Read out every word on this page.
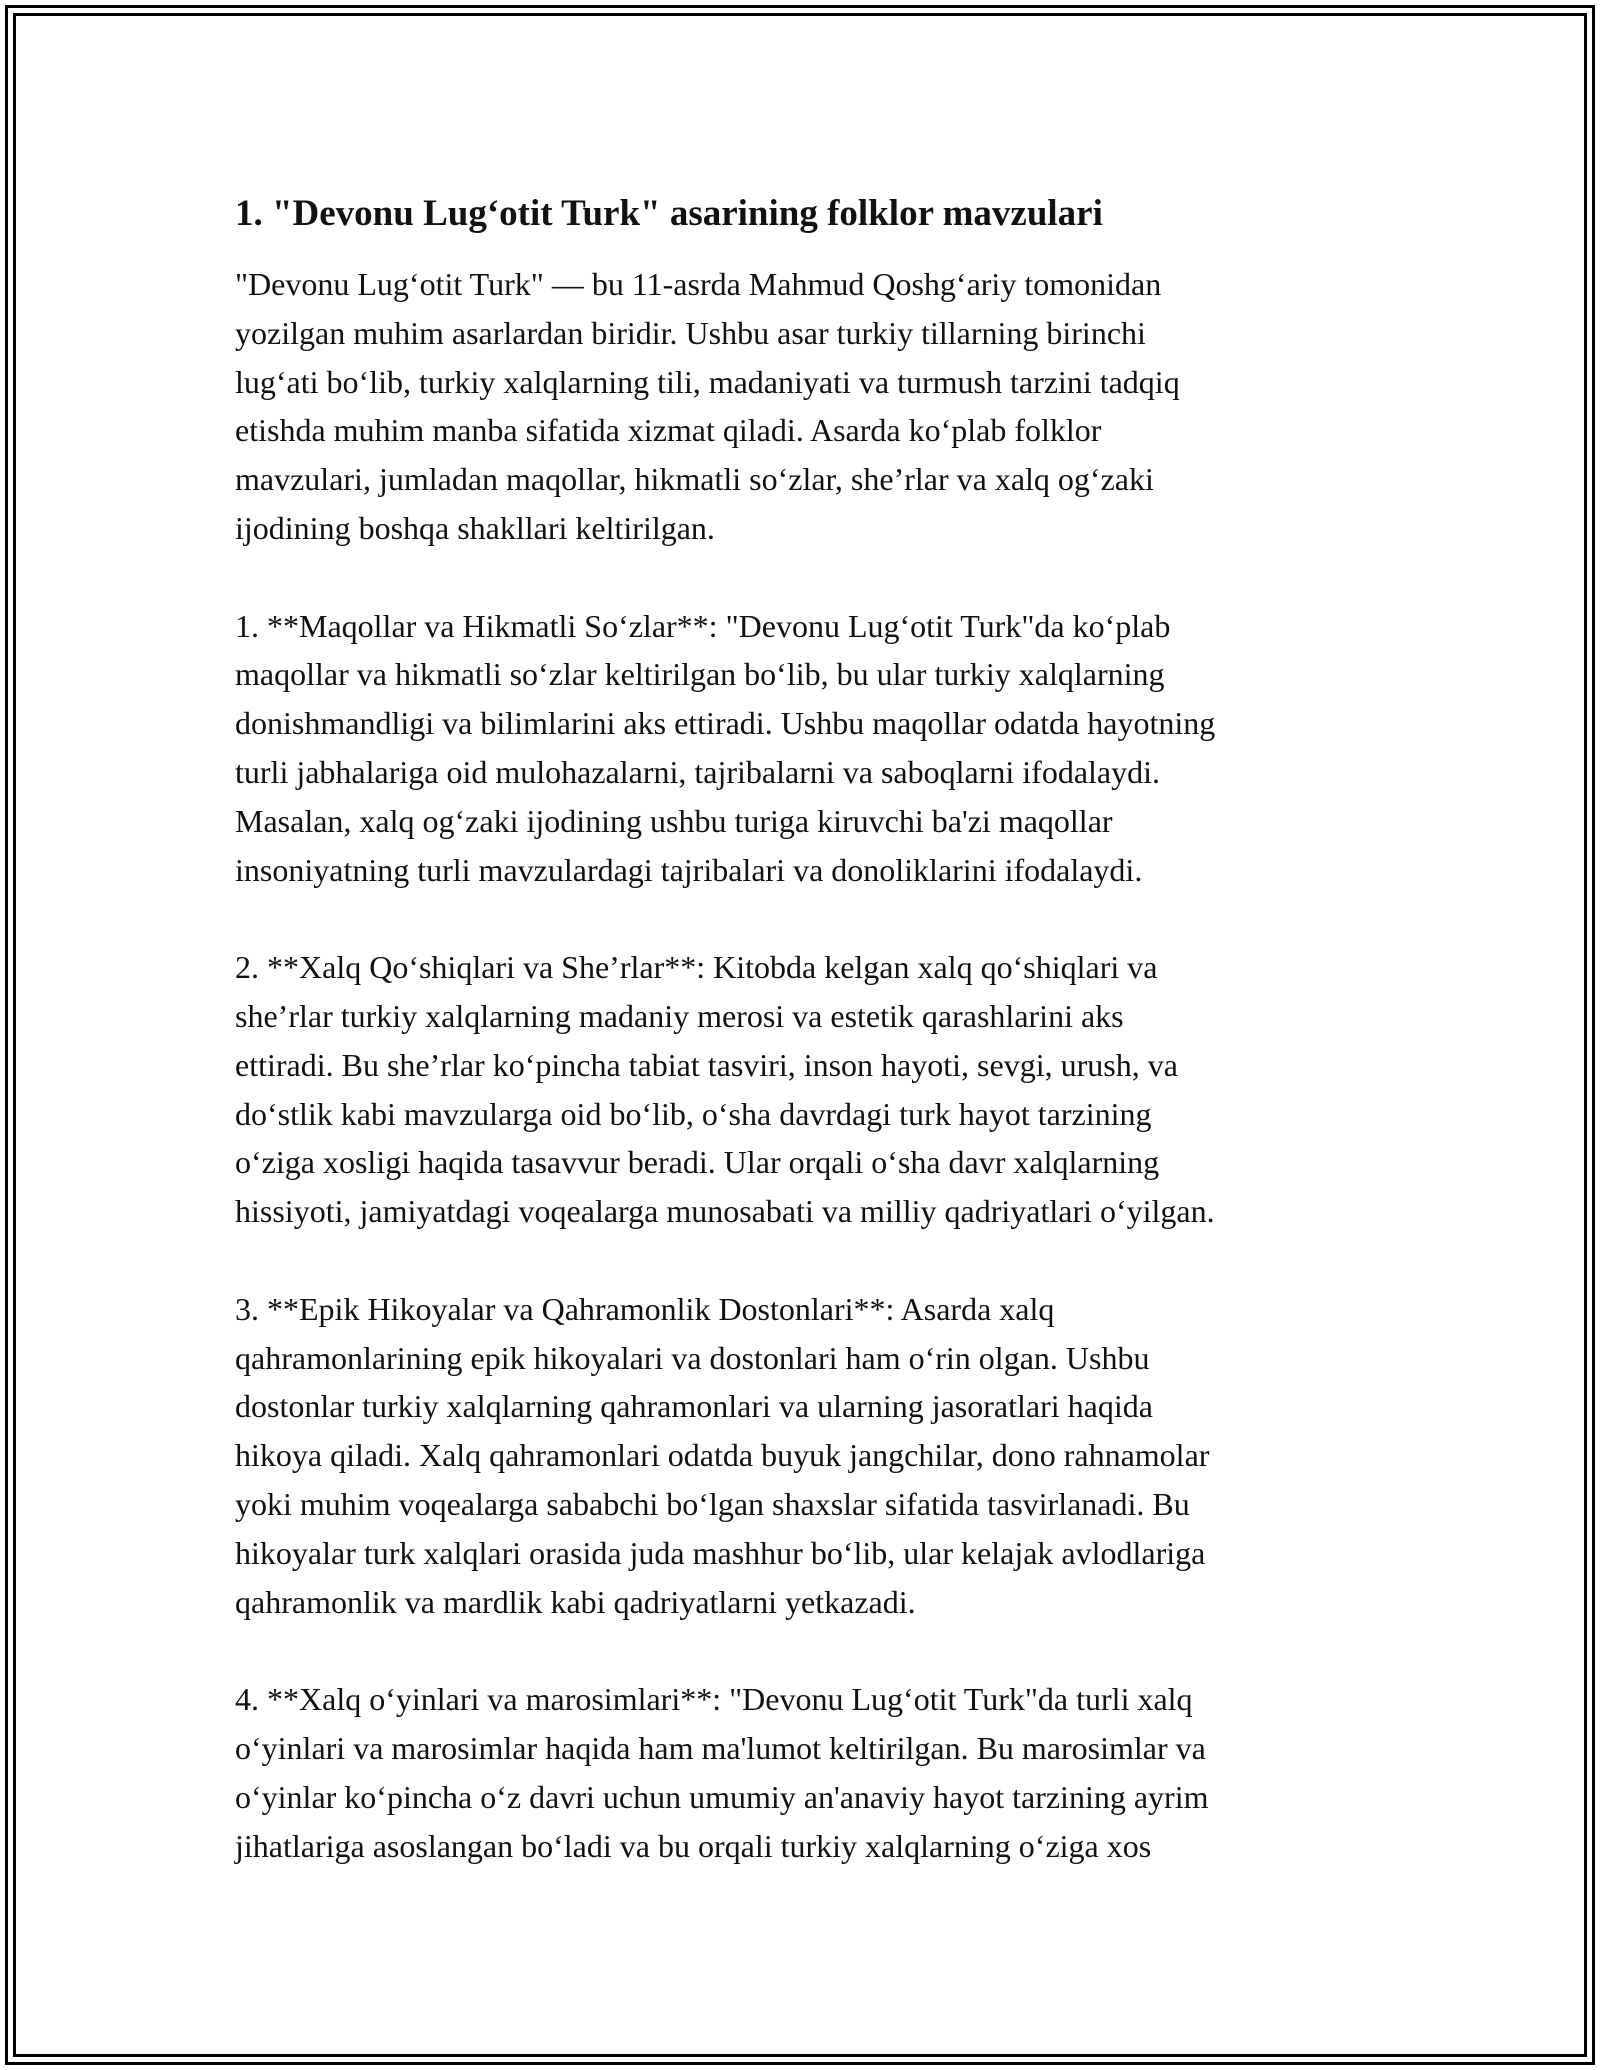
1. "Devonu Lug‘otit Turk" asarining folklor mavzulari

"Devonu Lug‘otit Turk" — bu 11-asrda Mahmud Qoshg‘ariy tomonidan
yozilgan muhim asarlardan biridir. Ushbu asar turkiy tillarning birinchi
lug‘ati bo‘lib, turkiy xalqlarning tili, madaniyati va turmush tarzini tadqiq
etishda muhim manba sifatida xizmat qiladi. Asarda ko‘plab folklor
mavzulari, jumladan maqollar, hikmatli so‘zlar, she’rlar va xalq og‘zaki
ijodining boshqa shakllari keltirilgan.

1. **Maqollar va Hikmatli So‘zlar**: "Devonu Lug‘otit Turk"da ko‘plab
maqollar va hikmatli so‘zlar keltirilgan bo‘lib, bu ular turkiy xalqlarning
donishmandligi va bilimlarini aks ettiradi. Ushbu maqollar odatda hayotning
turli jabhalariga oid mulohazalarni, tajribalarni va saboqlarni ifodalaydi.
Masalan, xalq og‘zaki ijodining ushbu turiga kiruvchi ba'zi maqollar
insoniyatning turli mavzulardagi tajribalari va donoliklarini ifodalaydi.

2. **Xalq Qo‘shiqlari va She’rlar**: Kitobda kelgan xalq qo‘shiqlari va
she’rlar turkiy xalqlarning madaniy merosi va estetik qarashlarini aks
ettiradi. Bu she’rlar ko‘pincha tabiat tasviri, inson hayoti, sevgi, urush, va
do‘stlik kabi mavzularga oid bo‘lib, o‘sha davrdagi turk hayot tarzining
o‘ziga xosligi haqida tasavvur beradi. Ular orqali o‘sha davr xalqlarning
hissiyoti, jamiyatdagi voqealarga munosabati va milliy qadriyatlari o‘yilgan.

3. **Epik Hikoyalar va Qahramonlik Dostonlari**: Asarda xalq
qahramonlarining epik hikoyalari va dostonlari ham o‘rin olgan. Ushbu
dostonlar turkiy xalqlarning qahramonlari va ularning jasoratlari haqida
hikoya qiladi. Xalq qahramonlari odatda buyuk jangchilar, dono rahnamolar
yoki muhim voqealarga sababchi bo‘lgan shaxslar sifatida tasvirlanadi. Bu
hikoyalar turk xalqlari orasida juda mashhur bo‘lib, ular kelajak avlodlariga
qahramonlik va mardlik kabi qadriyatlarni yetkazadi.

4. **Xalq o‘yinlari va marosimlari**: "Devonu Lug‘otit Turk"da turli xalq
o‘yinlari va marosimlar haqida ham ma'lumot keltirilgan. Bu marosimlar va
o‘yinlar ko‘pincha o‘z davri uchun umumiy an'anaviy hayot tarzining ayrim
jihatlariga asoslangan bo‘ladi va bu orqali turkiy xalqlarning o‘ziga xos
